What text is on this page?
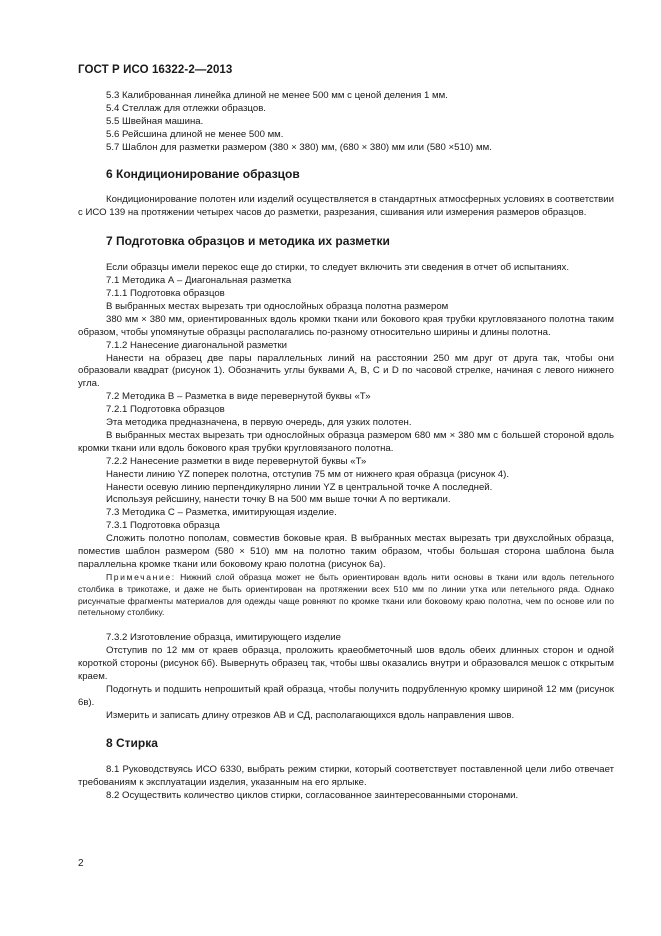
ГОСТ Р ИСО 16322-2—2013

5.3 Калиброванная линейка длиной не менее 500 мм с ценой деления 1 мм.

5.4 Стеллаж для отлежки образцов.

5.5 Швейная машина.

5.6 Рейсшина длиной не менее 500 мм.

5.7 Шаблон для разметки размером (380 × 380) мм, (680 × 380) мм или (580 ×510) мм.

6 Кондиционирование образцов

Кондиционирование полотен или изделий осуществляется в стандартных атмосферных условиях в соответствии с ИСО 139 на протяжении четырех часов до разметки, разрезания, сшивания или измерения размеров образцов.

7 Подготовка образцов и методика их разметки

Если образцы имели перекос еще до стирки, то следует включить эти сведения в отчет об испытаниях.

7.1 Методика А – Диагональная разметка

7.1.1 Подготовка образцов

В выбранных местах вырезать три однослойных образца полотна размером

380 мм × 380 мм, ориентированных вдоль кромки ткани или бокового края трубки кругловязаного полотна таким образом, чтобы упомянутые образцы располагались по-разному относительно ширины и длины полотна.

7.1.2 Нанесение диагональной разметки

Нанести на образец две пары параллельных линий на расстоянии 250 мм друг от друга так, чтобы они образовали квадрат (рисунок 1). Обозначить углы буквами А, В, С и D по часовой стрелке, начиная с левого нижнего угла.

7.2 Методика В – Разметка в виде перевернутой буквы «Т»

7.2.1 Подготовка образцов

Эта методика предназначена, в первую очередь, для узких полотен.

В выбранных местах вырезать три однослойных образца размером 680 мм × 380 мм с большей стороной вдоль кромки ткани или вдоль бокового края трубки кругловязаного полотна.

7.2.2 Нанесение разметки в виде перевернутой буквы «Т»

Нанести линию YZ поперек полотна, отступив 75 мм от нижнего края образца (рисунок 4).

Нанести осевую линию перпендикулярно линии YZ в центральной точке А последней.

Используя рейсшину, нанести точку В на 500 мм выше точки А по вертикали.

7.3 Методика С – Разметка, имитирующая изделие.

7.3.1 Подготовка образца

Сложить полотно пополам, совместив боковые края. В выбранных местах вырезать три двухслойных образца, поместив шаблон размером (580 × 510) мм на полотно таким образом, чтобы большая сторона шаблона была параллельна кромке ткани или боковому краю полотна (рисунок 6а).

Примечание: Нижний слой образца может не быть ориентирован вдоль нити основы в ткани или вдоль петельного столбика в трикотаже, и даже не быть ориентирован на протяжении всех 510 мм по линии утка или петельного ряда. Однако рисунчатые фрагменты материалов для одежды чаще ровняют по кромке ткани или боковому краю полотна, чем по основе или по петельному столбику.

7.3.2 Изготовление образца, имитирующего изделие

Отступив по 12 мм от краев образца, проложить краеобметочный шов вдоль обеих длинных сторон и одной короткой стороны (рисунок 6б). Вывернуть образец так, чтобы швы оказались внутри и образовался мешок с открытым краем.

Подогнуть и подшить непрошитый край образца, чтобы получить подрубленную кромку шириной 12 мм (рисунок 6в).

Измерить и записать длину отрезков АВ и СД, располагающихся вдоль направления швов.

8 Стирка

8.1 Руководствуясь ИСО 6330, выбрать режим стирки, который соответствует поставленной цели либо отвечает требованиям к эксплуатации изделия, указанным на его ярлыке.

8.2 Осуществить количество циклов стирки, согласованное заинтересованными сторонами.

2
